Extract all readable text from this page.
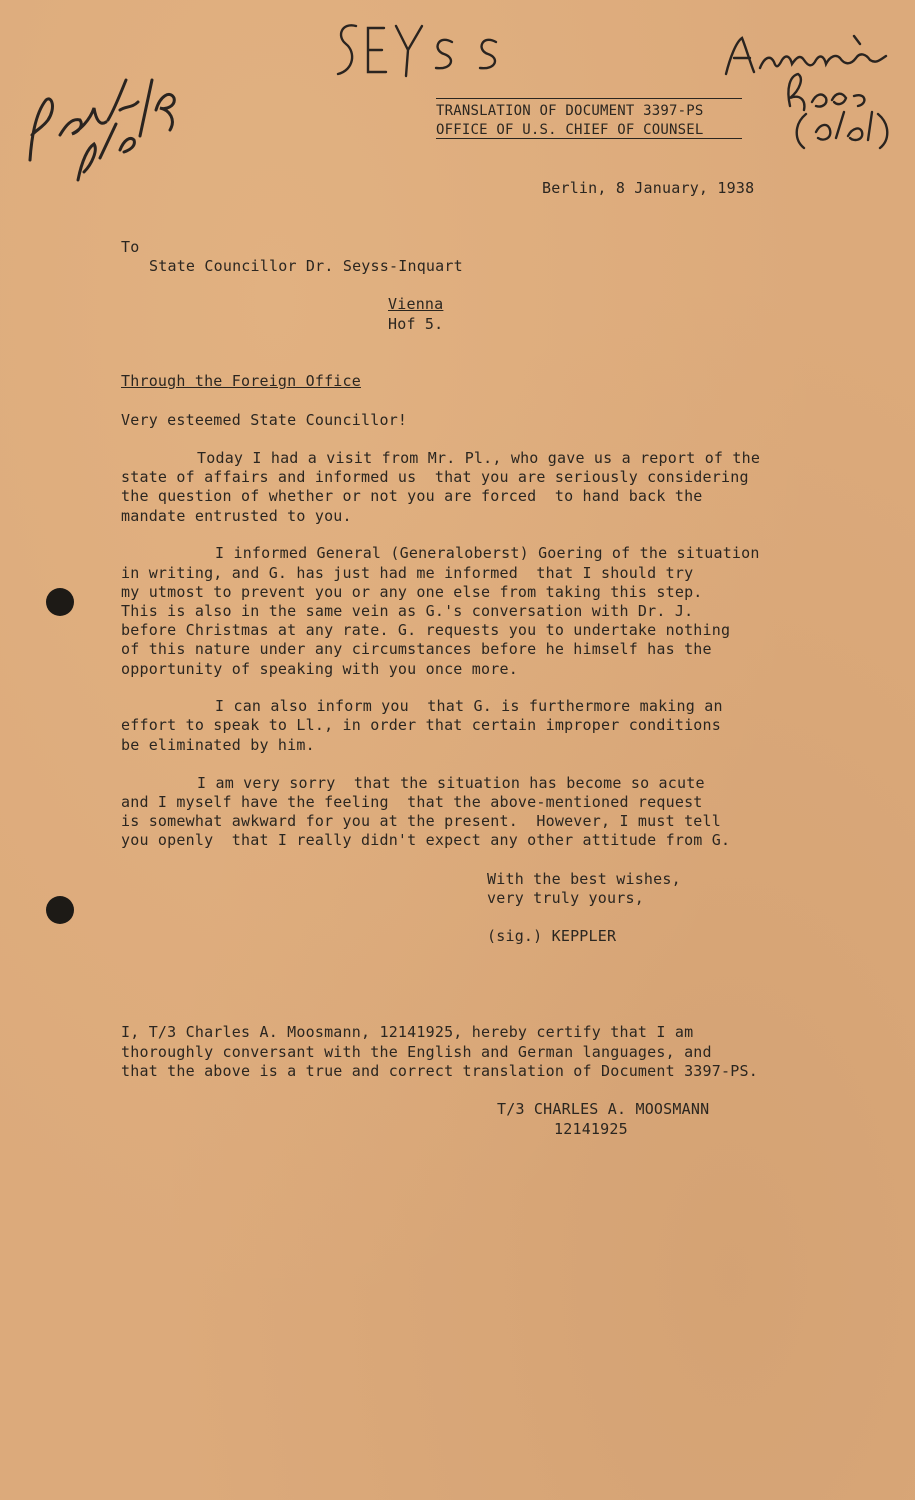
TRANSLATION OF DOCUMENT 3397-PS
OFFICE OF U.S. CHIEF OF COUNSEL
Berlin, 8 January, 1938
To
State Councillor Dr. Seyss-Inquart
Vienna
Hof 5.
Through the Foreign Office
Very esteemed State Councillor!
Today I had a visit from Mr. Pl., who gave us a report of the
state of affairs and informed us  that you are seriously considering
the question of whether or not you are forced  to hand back the
mandate entrusted to you.
I informed General (Generaloberst) Goering of the situation
in writing, and G. has just had me informed  that I should try
my utmost to prevent you or any one else from taking this step.
This is also in the same vein as G.'s conversation with Dr. J.
before Christmas at any rate. G. requests you to undertake nothing
of this nature under any circumstances before he himself has the
opportunity of speaking with you once more.
I can also inform you  that G. is furthermore making an
effort to speak to Ll., in order that certain improper conditions
be eliminated by him.
I am very sorry  that the situation has become so acute
and I myself have the feeling  that the above-mentioned request
is somewhat awkward for you at the present.  However, I must tell
you openly  that I really didn't expect any other attitude from G.
With the best wishes,
very truly yours,
(sig.) KEPPLER
I, T/3 Charles A. Moosmann, 12141925, hereby certify that I am
thoroughly conversant with the English and German languages, and
that the above is a true and correct translation of Document 3397-PS.
T/3 CHARLES A. MOOSMANN
12141925
